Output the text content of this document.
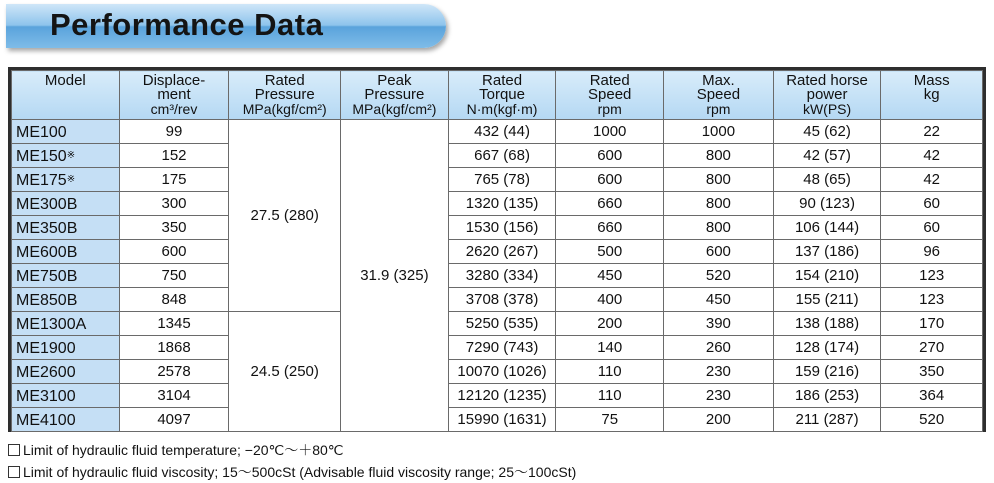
Performance Data
Model	Displace-
ment
cm³/rev	Rated
Pressure
MPa(kgf/cm²)	Peak
Pressure
MPa(kgf/cm²)	Rated
Torque
N·m(kgf·m)	Rated
Speed
rpm	Max.
Speed
rpm	Rated horse
power
kW(PS)	Mass
kg

ME100	99	27.5 (280)	31.9 (325)	432 (44)	1000	1000	45 (62)	22
ME150※	152			667 (68)	600	800	42 (57)	42
ME175※	175			765 (78)	600	800	48 (65)	42
ME300B	300			1320 (135)	660	800	90 (123)	60
ME350B	350			1530 (156)	660	800	106 (144)	60
ME600B	600			2620 (267)	500	600	137 (186)	96
ME750B	750			3280 (334)	450	520	154 (210)	123
ME850B	848			3708 (378)	400	450	155 (211)	123
ME1300A	1345	24.5 (250)		5250 (535)	200	390	138 (188)	170
ME1900	1868			7290 (743)	140	260	128 (174)	270
ME2600	2578			10070 (1026)	110	230	159 (216)	350
ME3100	3104			12120 (1235)	110	230	186 (253)	364
ME4100	4097			15990 (1631)	75	200	211 (287)	520
Limit of hydraulic fluid temperature; −20℃～＋80℃
Limit of hydraulic fluid viscosity; 15～500cSt (Advisable fluid viscosity range; 25～100cSt)
